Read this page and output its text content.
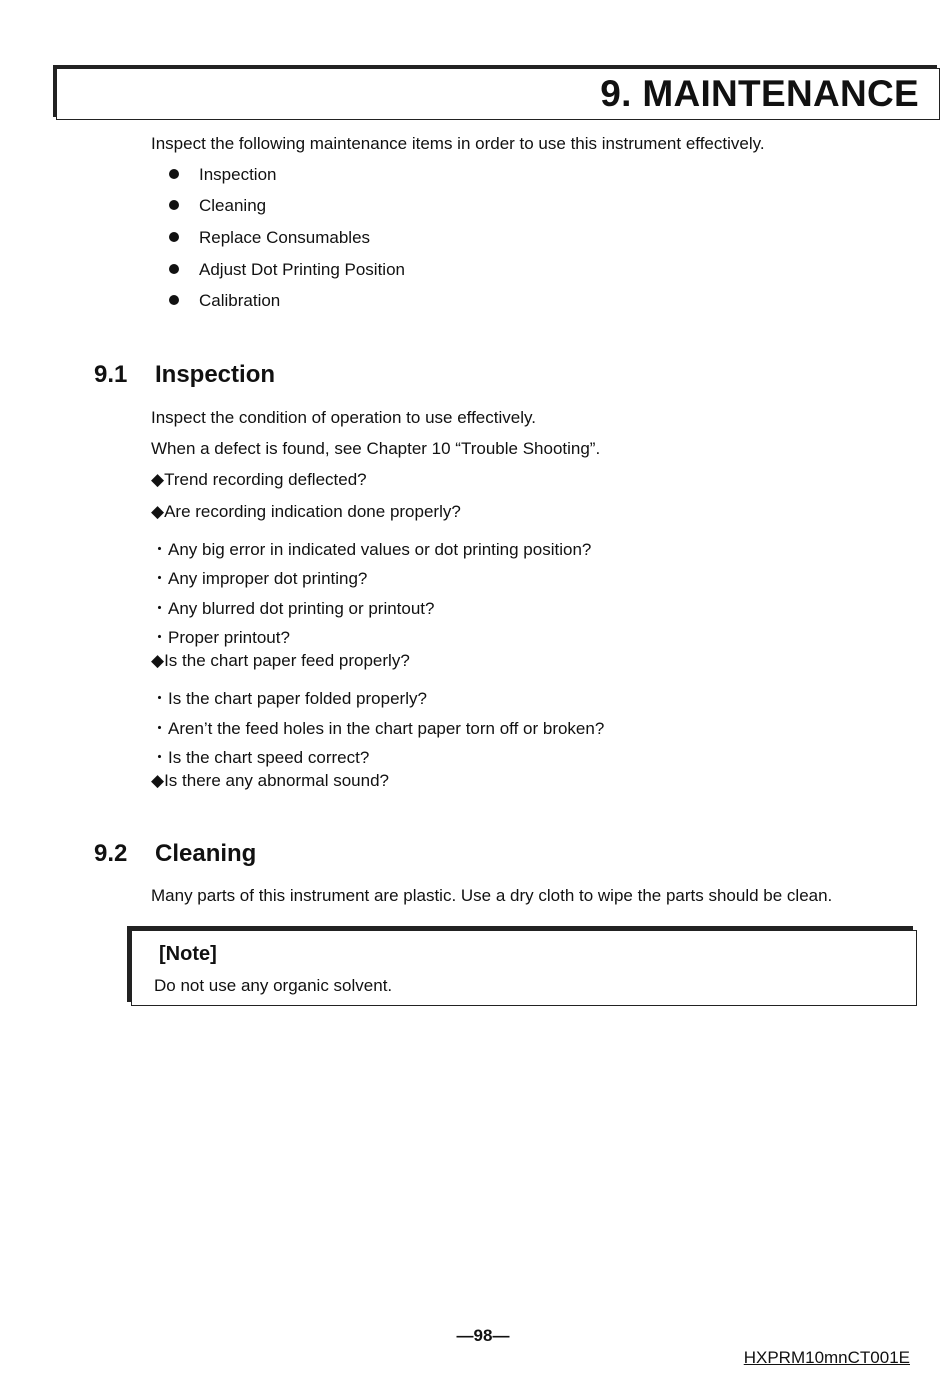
9. MAINTENANCE
Inspect the following maintenance items in order to use this instrument effectively.
Inspection
Cleaning
Replace Consumables
Adjust Dot Printing Position
Calibration
9.1 Inspection
Inspect the condition of operation to use effectively.
When a defect is found, see Chapter 10 “Trouble Shooting”.
◆Trend recording deflected?
◆Are recording indication done properly?
・Any big error in indicated values or dot printing position?
・Any improper dot printing?
・Any blurred dot printing or printout?
・Proper printout?
◆Is the chart paper feed properly?
・Is the chart paper folded properly?
・Aren’t the feed holes in the chart paper torn off or broken?
・Is the chart speed correct?
◆Is there any abnormal sound?
9.2 Cleaning
Many parts of this instrument are plastic. Use a dry cloth to wipe the parts should be clean.
[Note]
Do not use any organic solvent.
—98—
HXPRM10mnCT001E
